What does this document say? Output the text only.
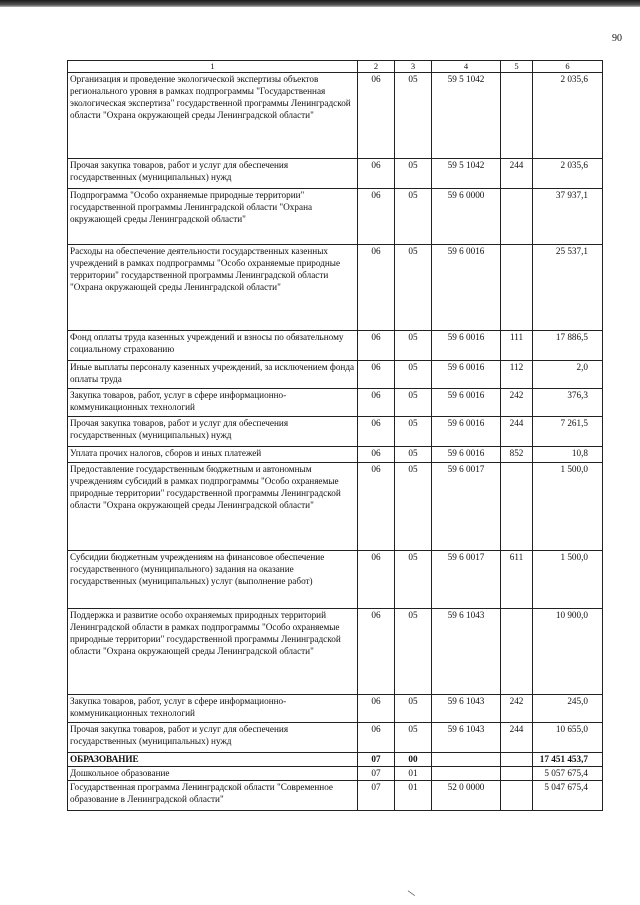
90
1	2	3	4	5	6
Организация и проведение экологической экспертизы объектов регионального уровня в рамках подпрограммы "Государственная экологическая экспертиза" государственной программы Ленинградской области "Охрана окружающей среды Ленинградской области"	06	05	59 5 1042		2 035,6
Прочая закупка товаров, работ и услуг для обеспечения государственных (муниципальных) нужд	06	05	59 5 1042	244	2 035,6
Подпрограмма "Особо охраняемые природные территории" государственной программы Ленинградской области "Охрана окружающей среды Ленинградской области"	06	05	59 6 0000		37 937,1
Расходы на обеспечение деятельности государственных казенных учреждений в рамках подпрограммы "Особо охраняемые природные территории" государственной программы Ленинградской области "Охрана окружающей среды Ленинградской области"	06	05	59 6 0016		25 537,1
Фонд оплаты труда казенных учреждений и взносы по обязательному социальному страхованию	06	05	59 6 0016	111	17 886,5
Иные выплаты персоналу казенных учреждений, за исключением фонда оплаты труда	06	05	59 6 0016	112	2,0
Закупка товаров, работ, услуг в сфере информационно-коммуникационных технологий	06	05	59 6 0016	242	376,3
Прочая закупка товаров, работ и услуг для обеспечения государственных (муниципальных) нужд	06	05	59 6 0016	244	7 261,5
Уплата прочих налогов, сборов и иных платежей	06	05	59 6 0016	852	10,8
Предоставление государственным бюджетным и автономным учреждениям субсидий в рамках подпрограммы "Особо охраняемые природные территории" государственной программы Ленинградской области "Охрана окружающей среды Ленинградской области"	06	05	59 6 0017		1 500,0
Субсидии бюджетным учреждениям на финансовое обеспечение государственного (муниципального) задания на оказание государственных (муниципальных) услуг (выполнение работ)	06	05	59 6 0017	611	1 500,0
Поддержка и развитие особо охраняемых природных территорий Ленинградской области в рамках подпрограммы "Особо охраняемые природные территории" государственной программы Ленинградской области "Охрана окружающей среды Ленинградской области"	06	05	59 6 1043		10 900,0
Закупка товаров, работ, услуг в сфере информационно-коммуникационных технологий	06	05	59 6 1043	242	245,0
Прочая закупка товаров, работ и услуг для обеспечения государственных (муниципальных) нужд	06	05	59 6 1043	244	10 655,0
ОБРАЗОВАНИЕ	07	00			17 451 453,7
Дошкольное образование	07	01			5 057 675,4
Государственная программа Ленинградской области "Современное образование в Ленинградской области"	07	01	52 0 0000		5 047 675,4
\
